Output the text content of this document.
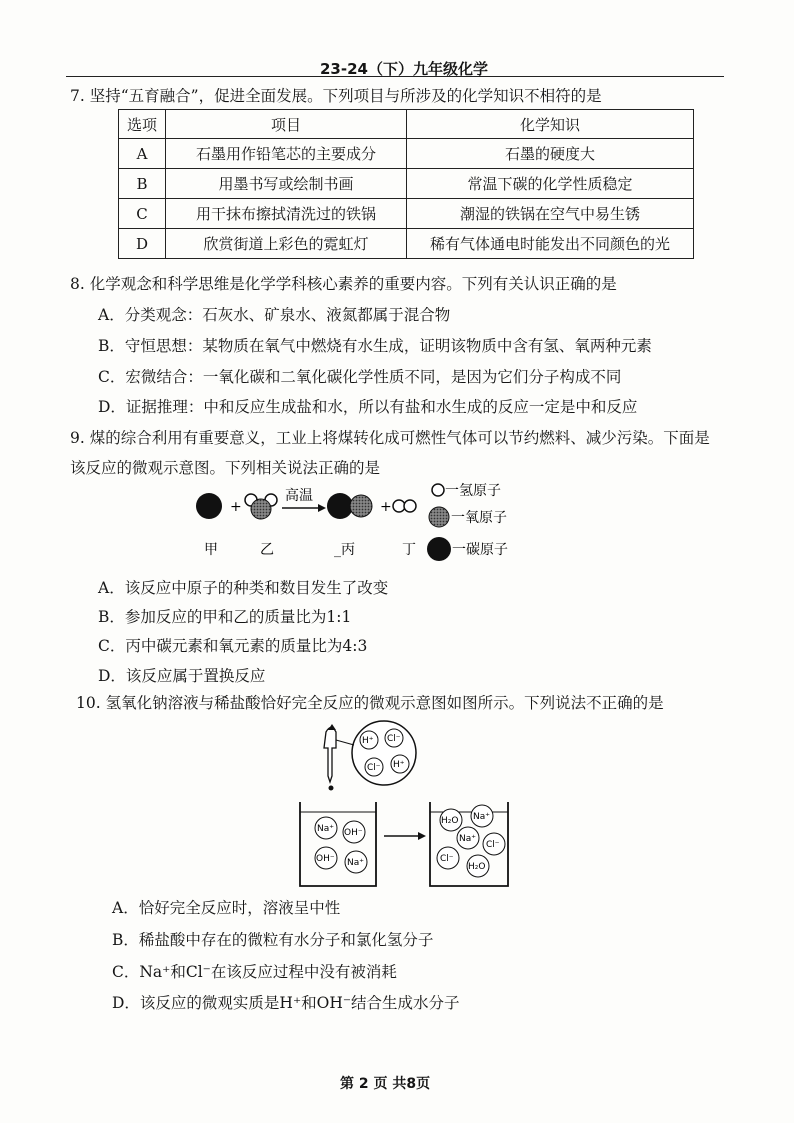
23-24（下）九年级化学
7. 坚持“五育融合”，促进全面发展。下列项目与所涉及的化学知识不相符的是
选项	项目	化学知识
A	石墨用作铅笔芯的主要成分	石墨的硬度大
B	用墨书写或绘制书画	常温下碳的化学性质稳定
C	用干抹布擦拭清洗过的铁锅	潮湿的铁锅在空气中易生锈
D	欣赏街道上彩色的霓虹灯	稀有气体通电时能发出不同颜色的光
8. 化学观念和科学思维是化学学科核心素养的重要内容。下列有关认识正确的是
A．分类观念：石灰水、矿泉水、液氮都属于混合物
B．守恒思想：某物质在氧气中燃烧有水生成，证明该物质中含有氢、氧两种元素
C．宏微结合：一氧化碳和二氧化碳化学性质不同，是因为它们分子构成不同
D．证据推理：中和反应生成盐和水，所以有盐和水生成的反应一定是中和反应
9. 煤的综合利用有重要意义，工业上将煤转化成可燃性气体可以节约燃料、减少污染。下面是
该反应的微观示意图。下列相关说法正确的是
+
高温
+
甲	乙	_丙	丁
一氢原子
一氧原子
一碳原子
A．该反应中原子的种类和数目发生了改变
B．参加反应的甲和乙的质量比为1:1
C．丙中碳元素和氧元素的质量比为4:3
D．该反应属于置换反应
10. 氢氧化钠溶液与稀盐酸恰好完全反应的微观示意图如图所示。下列说法不正确的是
H⁺ Cl⁻
Cl⁻ H⁺
Na⁺ OH⁻
OH⁻ Na⁺
H₂O Na⁺
Na⁺
Cl⁻
Cl⁻
H₂O
A．恰好完全反应时，溶液呈中性
B．稀盐酸中存在的微粒有水分子和氯化氢分子
C．Na⁺和Cl⁻在该反应过程中没有被消耗
D．该反应的微观实质是H⁺和OH⁻结合生成水分子
第 2 页 共8页
